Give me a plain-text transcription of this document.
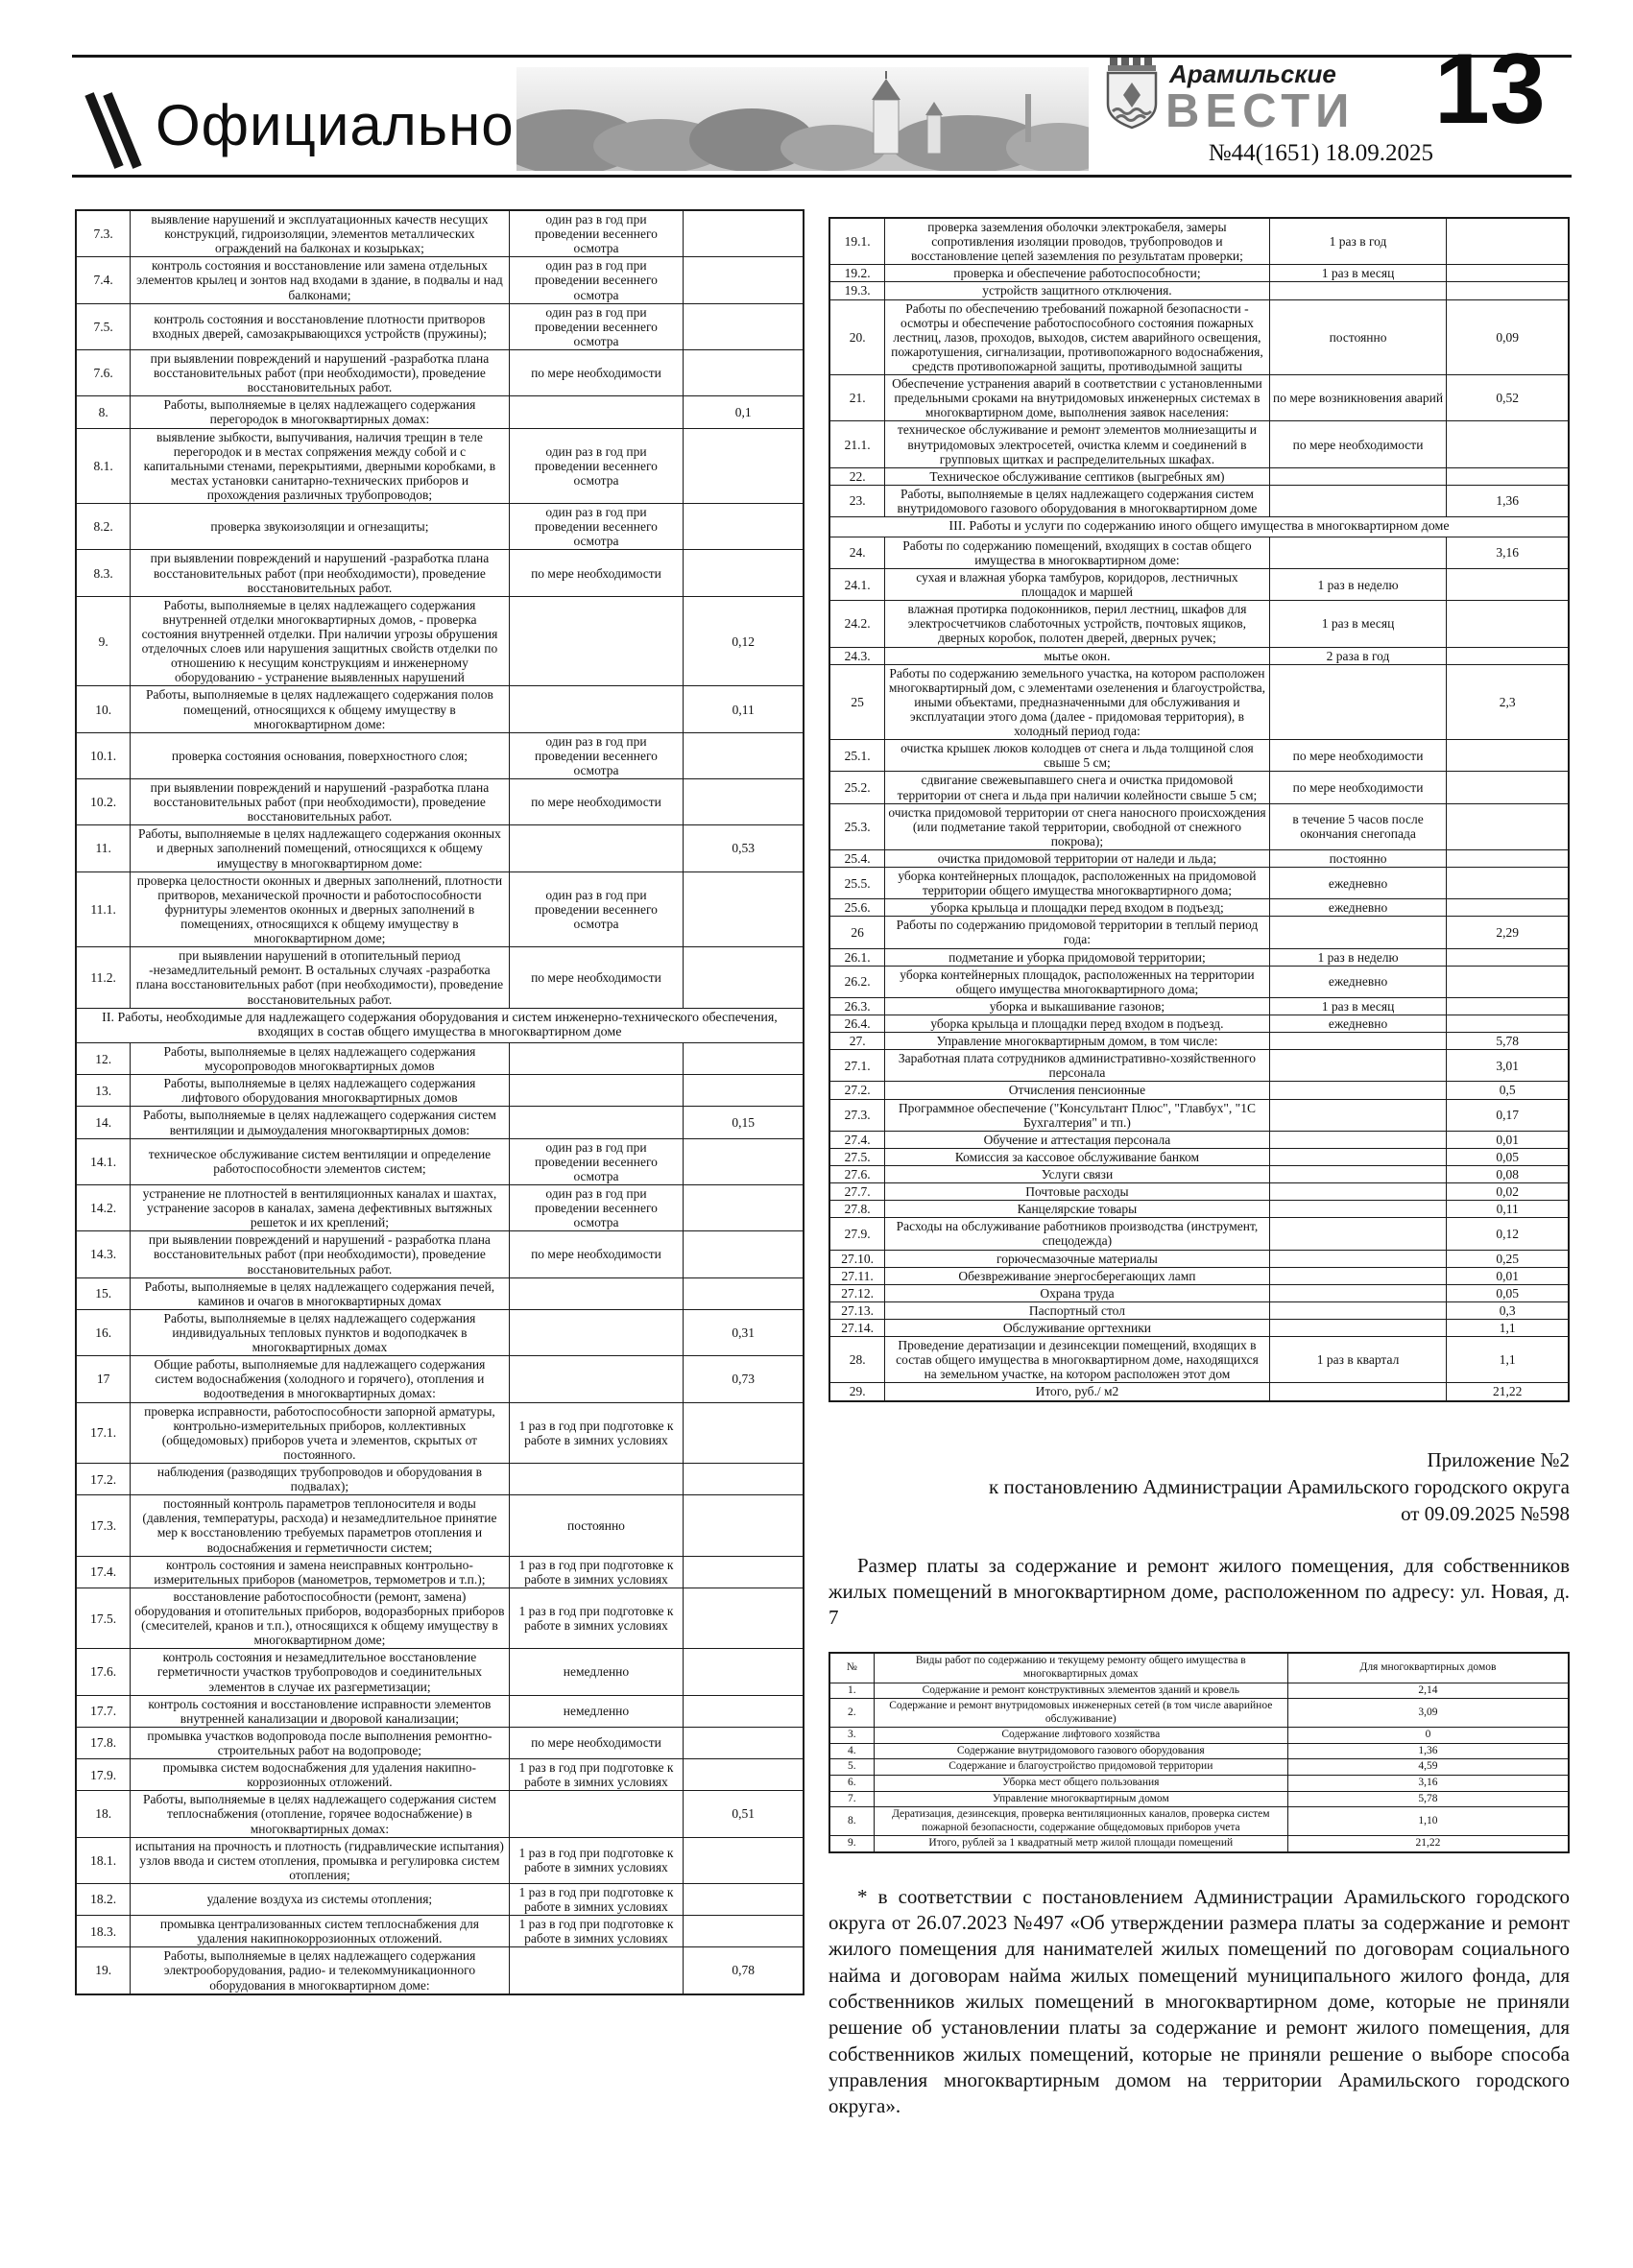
Официально
Арамильские
ВЕСТИ 13
№44(1651) 18.09.2025
7.3.	выявление нарушений и эксплуатационных качеств несущих конструкций, гидроизоляции, элементов металлических ограждений на балконах и козырьках;	один раз в год при проведении весеннего осмотра	
7.4.	контроль состояния и восстановление или замена отдельных элементов крылец и зонтов над входами в здание, в подвалы и над балконами;	один раз в год при проведении весеннего осмотра	
7.5.	контроль состояния и восстановление плотности притворов входных дверей, самозакрывающихся устройств (пружины);	один раз в год при проведении весеннего осмотра	
7.6.	при выявлении повреждений и нарушений -разработка плана восстановительных работ (при необходимости), проведение восстановительных работ.	по мере необходимости	
8.	Работы, выполняемые в целях надлежащего содержания перегородок в многоквартирных домах:		0,1
8.1.	выявление зыбкости, выпучивания, наличия трещин в теле перегородок и в местах сопряжения между собой и с капитальными стенами, перекрытиями, дверными коробками, в местах установки санитарно-технических приборов и прохождения различных трубопроводов;	один раз в год при проведении весеннего осмотра	
8.2.	проверка звукоизоляции и огнезащиты;	один раз в год при проведении весеннего осмотра	
8.3.	при выявлении повреждений и нарушений -разработка плана восстановительных работ (при необходимости), проведение восстановительных работ.	по мере необходимости	
9.	Работы, выполняемые в целях надлежащего содержания внутренней отделки многоквартирных домов, - проверка состояния внутренней отделки. При наличии угрозы обрушения отделочных слоев или нарушения защитных свойств отделки по отношению к несущим конструкциям и инженерному оборудованию - устранение выявленных нарушений		0,12
10.	Работы, выполняемые в целях надлежащего содержания полов помещений, относящихся к общему имуществу в многоквартирном доме:		0,11
10.1.	проверка состояния основания, поверхностного слоя;	один раз в год при проведении весеннего осмотра	
10.2.	при выявлении повреждений и нарушений -разработка плана восстановительных работ (при необходимости), проведение восстановительных работ.	по мере необходимости	
11.	Работы, выполняемые в целях надлежащего содержания оконных и дверных заполнений помещений, относящихся к общему имуществу в многоквартирном доме:		0,53
11.1.	проверка целостности оконных и дверных заполнений, плотности притворов, механической прочности и работоспособности фурнитуры элементов оконных и дверных заполнений в помещениях, относящихся к общему имуществу в многоквартирном доме;	один раз в год при проведении весеннего осмотра	
11.2.	при выявлении нарушений в отопительный период -незамедлительный ремонт. В остальных случаях -разработка плана восстановительных работ (при необходимости), проведение восстановительных работ.	по мере необходимости	
II. Работы, необходимые для надлежащего содержания оборудования и систем инженерно-технического обеспечения, входящих в состав общего имущества в многоквартирном доме			
12.	Работы, выполняемые в целях надлежащего содержания мусоропроводов многоквартирных домов		
13.	Работы, выполняемые в целях надлежащего содержания лифтового оборудования многоквартирных домов		
14.	Работы, выполняемые в целях надлежащего содержания систем вентиляции и дымоудаления многоквартирных домов:		0,15
14.1.	техническое обслуживание систем вентиляции и определение работоспособности элементов систем;	один раз в год при проведении весеннего осмотра	
14.2.	устранение не плотностей в вентиляционных каналах и шахтах, устранение засоров в каналах, замена дефективных вытяжных решеток и их креплений;	один раз в год при проведении весеннего осмотра	
14.3.	при выявлении повреждений и нарушений - разработка плана восстановительных работ (при необходимости), проведение восстановительных работ.	по мере необходимости	
15.	Работы, выполняемые в целях надлежащего содержания печей, каминов и очагов в многоквартирных домах		
16.	Работы, выполняемые в целях надлежащего содержания индивидуальных тепловых пунктов и водоподкачек в многоквартирных домах		0,31
17	Общие работы, выполняемые для надлежащего содержания систем водоснабжения (холодного и горячего), отопления и водоотведения в многоквартирных домах:		0,73
17.1.	проверка исправности, работоспособности запорной арматуры, контрольно-измерительных приборов, коллективных (общедомовых) приборов учета и элементов, скрытых от постоянного.	1 раз в год при подготовке к работе в зимних условиях	
17.2.	наблюдения (разводящих трубопроводов и оборудования в подвалах);		
17.3.	постоянный контроль параметров теплоносителя и воды (давления, температуры, расхода) и незамедлительное принятие мер к восстановлению требуемых параметров отопления и водоснабжения и герметичности систем;	постоянно	
17.4.	контроль состояния и замена неисправных контрольно-измерительных приборов (манометров, термометров и т.п.);	1 раз в год при подготовке к работе в зимних условиях	
17.5.	восстановление работоспособности (ремонт, замена) оборудования и отопительных приборов, водоразборных приборов (смесителей, кранов и т.п.), относящихся к общему имуществу в многоквартирном доме;	1 раз в год при подготовке к работе в зимних условиях	
17.6.	контроль состояния и незамедлительное восстановление герметичности участков трубопроводов и соединительных элементов в случае их разгерметизации;	немедленно	
17.7.	контроль состояния и восстановление исправности элементов внутренней канализации и дворовой канализации;	немедленно	
17.8.	промывка участков водопровода после выполнения ремонтно-строительных работ на водопроводе;	по мере необходимости	
17.9.	промывка систем водоснабжения для удаления накипно-коррозионных отложений.	1 раз в год при подготовке к работе в зимних условиях	
18.	Работы, выполняемые в целях надлежащего содержания систем теплоснабжения (отопление, горячее водоснабжение) в многоквартирных домах:		0,51
18.1.	испытания на прочность и плотность (гидравлические испытания) узлов ввода и систем отопления, промывка и регулировка систем отопления;	1 раз в год при подготовке к работе в зимних условиях	
18.2.	удаление воздуха из системы отопления;	1 раз в год при подготовке к работе в зимних условиях	
18.3.	промывка централизованных систем теплоснабжения для удаления накипнокоррозионных отложений.	1 раз в год при подготовке к работе в зимних условиях	
19.	Работы, выполняемые в целях надлежащего содержания электрооборудования, радио- и телекоммуникационного оборудования в многоквартирном доме:		0,78
19.1.	проверка заземления оболочки электрокабеля, замеры сопротивления изоляции проводов, трубопроводов и восстановление цепей заземления по результатам проверки;	1 раз в год	
19.2.	проверка и обеспечение работоспособности;	1 раз в месяц	
19.3.	устройств защитного отключения.		
20.	Работы по обеспечению требований пожарной безопасности - осмотры и обеспечение работоспособного состояния пожарных лестниц, лазов, проходов, выходов, систем аварийного освещения, пожаротушения, сигнализации, противопожарного водоснабжения, средств противопожарной защиты, противодымной защиты	постоянно	0,09
21.	Обеспечение устранения аварий в соответствии с установленными предельными сроками на внутридомовых инженерных системах в многоквартирном доме, выполнения заявок населения:	по мере возникновения аварий	0,52
21.1.	техническое обслуживание и ремонт элементов молниезащиты и внутридомовых электросетей, очистка клемм и соединений в групповых щитках и распределительных шкафах.	по мере необходимости	
22.	Техническое обслуживание септиков (выгребных ям)		
23.	Работы, выполняемые в целях надлежащего содержания систем внутридомового газового оборудования в многоквартирном доме		1,36
III. Работы и услуги по содержанию иного общего имущества в многоквартирном доме			
24.	Работы по содержанию помещений, входящих в состав общего имущества в многоквартирном доме:		3,16
24.1.	сухая и влажная уборка тамбуров, коридоров, лестничных площадок и маршей	1 раз в неделю	
24.2.	влажная протирка подоконников, перил лестниц, шкафов для электросчетчиков слаботочных устройств, почтовых ящиков, дверных коробок, полотен дверей, дверных ручек;	1 раз в месяц	
24.3.	мытье окон.	2 раза в год	
25	Работы по содержанию земельного участка, на котором расположен многоквартирный дом, с элементами озеленения и благоустройства, иными объектами, предназначенными для обслуживания и эксплуатации этого дома (далее - придомовая территория), в холодный период года:		2,3
25.1.	очистка крышек люков колодцев от снега и льда толщиной слоя свыше 5 см;	по мере необходимости	
25.2.	сдвигание свежевыпавшего снега и очистка придомовой территории от снега и льда при наличии колейности свыше 5 см;	по мере необходимости	
25.3.	очистка придомовой территории от снега наносного происхождения (или подметание такой территории, свободной от снежного покрова);	в течение 5 часов после окончания снегопада	
25.4.	очистка придомовой территории от наледи и льда;	постоянно	
25.5.	уборка контейнерных площадок, расположенных на придомовой территории общего имущества многоквартирного дома;	ежедневно	
25.6.	уборка крыльца и площадки перед входом в подъезд;	ежедневно	
26	Работы по содержанию придомовой территории в теплый период года:		2,29
26.1.	подметание и уборка придомовой территории;	1 раз в неделю	
26.2.	уборка контейнерных площадок, расположенных на территории общего имущества многоквартирного дома;	ежедневно	
26.3.	уборка и выкашивание газонов;	1 раз в месяц	
26.4.	уборка крыльца и площадки перед входом в подъезд.	ежедневно	
27.	Управление многоквартирным домом, в том числе:		5,78
27.1.	Заработная плата сотрудников административно-хозяйственного персонала		3,01
27.2.	Отчисления пенсионные		0,5
27.3.	Программное обеспечение ("Консультант Плюс", "Главбух", "1С Бухгалтерия" и тп.)		0,17
27.4.	Обучение и аттестация персонала		0,01
27.5.	Комиссия за кассовое обслуживание банком		0,05
27.6.	Услуги связи		0,08
27.7.	Почтовые расходы		0,02
27.8.	Канцелярские товары		0,11
27.9.	Расходы на обслуживание работников производства (инструмент, спецодежда)		0,12
27.10.	горючесмазочные материалы		0,25
27.11.	Обезвреживание энергосберегающих ламп		0,01
27.12.	Охрана труда		0,05
27.13.	Паспортный стол		0,3
27.14.	Обслуживание оргтехники		1,1
28.	Проведение дератизации и дезинсекции помещений, входящих в состав общего имущества в многоквартирном доме, находящихся на земельном участке, на котором расположен этот дом	1 раз в квартал	1,1
29.	Итого, руб./ м2		21,22
Приложение №2
к постановлению Администрации Арамильского городского округа
от 09.09.2025 №598

Размер платы за содержание и ремонт жилого помещения, для собственников жилых помещений в многоквартирном доме, расположенном по адресу: ул. Новая, д. 7

№	Виды работ по содержанию и текущему ремонту общего имущества в многоквартирных домах	Для многоквартирных домов
1.	Содержание и ремонт конструктивных элементов зданий и кровель	2,14
2.	Содержание и ремонт внутридомовых инженерных сетей (в том числе аварийное обслуживание)	3,09
3.	Содержание лифтового хозяйства	0
4.	Содержание внутридомового газового оборудования	1,36
5.	Содержание и благоустройство придомовой территории	4,59
6.	Уборка мест общего пользования	3,16
7.	Управление многоквартирным домом	5,78
8.	Дератизация, дезинсекция, проверка вентиляционных каналов, проверка систем пожарной безопасности, содержание общедомовых приборов учета	1,10
9.	Итого, рублей за 1 квадратный метр жилой площади помещений	21,22

* в соответствии с постановлением Администрации Арамильского городского округа от 26.07.2023 №497 «Об утверждении размера платы за содержание и ремонт жилого помещения для нанимателей жилых помещений по договорам социального найма и договорам найма жилых помещений муниципального жилого фонда, для собственников жилых помещений в многоквартирном доме, которые не приняли решение об установлении платы за содержание и ремонт жилого помещения, для собственников жилых помещений, которые не приняли решение о выборе способа управления многоквартирным домом на территории Арамильского городского округа».
